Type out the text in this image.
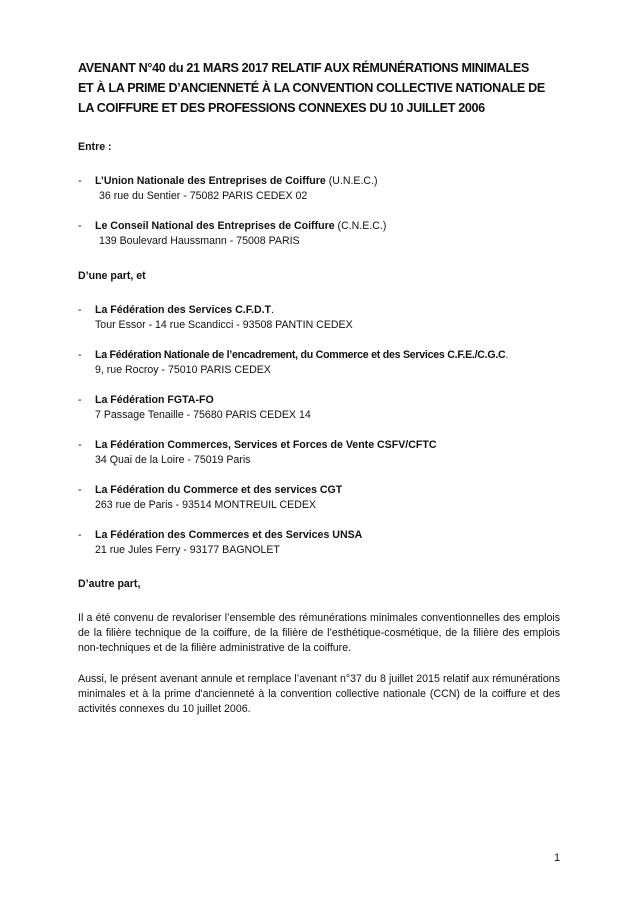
AVENANT N°40 du 21 MARS 2017 RELATIF AUX RÉMUNÉRATIONS MINIMALES
ET À LA PRIME D’ANCIENNETÉ À LA CONVENTION COLLECTIVE NATIONALE DE
LA COIFFURE ET DES PROFESSIONS CONNEXES DU 10 JUILLET 2006

Entre :

- L’Union Nationale des Entreprises de Coiffure (U.N.E.C.)
36 rue du Sentier - 75082 PARIS CEDEX 02
- Le Conseil National des Entreprises de Coiffure (C.N.E.C.)
139 Boulevard Haussmann - 75008 PARIS

D’une part, et

- La Fédération des Services C.F.D.T.
Tour Essor - 14 rue Scandicci - 93508 PANTIN CEDEX
- La Fédération Nationale de l’encadrement, du Commerce et des Services C.F.E./C.G.C.
9, rue Rocroy - 75010 PARIS CEDEX
- La Fédération FGTA-FO
7 Passage Tenaille - 75680 PARIS CEDEX 14
- La Fédération Commerces, Services et Forces de Vente CSFV/CFTC
34 Quai de la Loire - 75019 Paris
- La Fédération du Commerce et des services CGT
263 rue de Paris - 93514 MONTREUIL CEDEX
- La Fédération des Commerces et des Services UNSA
21 rue Jules Ferry - 93177 BAGNOLET

D’autre part,

Il a été convenu de revaloriser l’ensemble des rémunérations minimales conventionnelles des emplois de la filière technique de la coiffure, de la filière de l’esthétique-cosmétique, de la filière des emplois non-techniques et de la filière administrative de la coiffure.

Aussi, le présent avenant annule et remplace l’avenant n°37 du 8 juillet 2015 relatif aux rémunérations minimales et à la prime d'ancienneté à la convention collective nationale (CCN) de la coiffure et des activités connexes du 10 juillet 2006.

1
